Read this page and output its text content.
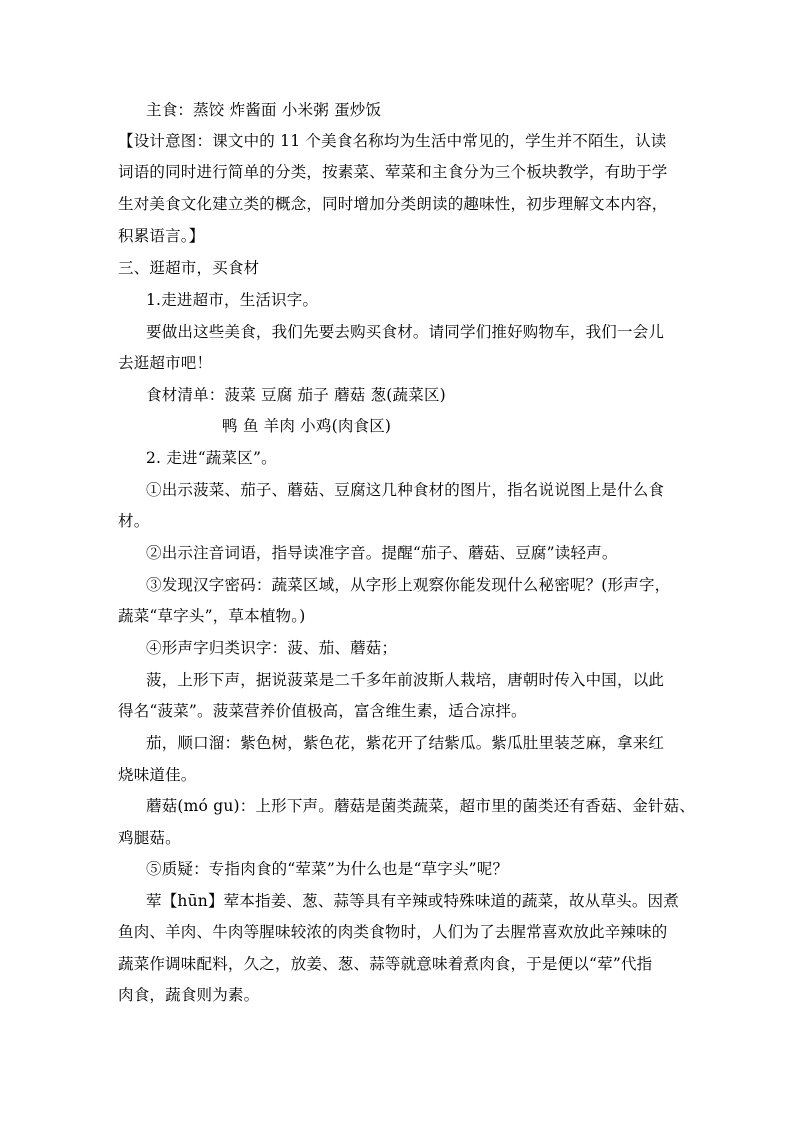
主食：蒸饺 炸酱面 小米粥 蛋炒饭
【设计意图：课文中的 11 个美食名称均为生活中常见的，学生并不陌生，认读
词语的同时进行简单的分类，按素菜、荤菜和主食分为三个板块教学，有助于学
生对美食文化建立类的概念，同时增加分类朗读的趣味性，初步理解文本内容，
积累语言。】
三、逛超市，买食材
1.走进超市，生活识字。
要做出这些美食，我们先要去购买食材。请同学们推好购物车，我们一会儿
去逛超市吧！
食材清单：菠菜 豆腐 茄子 蘑菇 葱(蔬菜区)
鸭 鱼 羊肉 小鸡(肉食区)
2. 走进“蔬菜区”。
①出示菠菜、茄子、蘑菇、豆腐这几种食材的图片，指名说说图上是什么食
材。
②出示注音词语，指导读准字音。提醒“茄子、蘑菇、豆腐”读轻声。
③发现汉字密码：蔬菜区域，从字形上观察你能发现什么秘密呢？(形声字，
蔬菜“草字头”，草本植物。)
④形声字归类识字：菠、茄、蘑菇；
菠，上形下声，据说菠菜是二千多年前波斯人栽培，唐朝时传入中国，以此
得名“菠菜”。菠菜营养价值极高，富含维生素，适合凉拌。
茄，顺口溜：紫色树，紫色花，紫花开了结紫瓜。紫瓜肚里装芝麻，拿来红
烧味道佳。
蘑菇(mó gu)：上形下声。蘑菇是菌类蔬菜，超市里的菌类还有香菇、金针菇、
鸡腿菇。
⑤质疑：专指肉食的“荤菜”为什么也是“草字头”呢？
荤【hūn】荤本指姜、葱、蒜等具有辛辣或特殊味道的蔬菜，故从草头。因煮
鱼肉、羊肉、牛肉等腥味较浓的肉类食物时，人们为了去腥常喜欢放此辛辣味的
蔬菜作调味配料，久之，放姜、葱、蒜等就意味着煮肉食，于是便以“荤”代指
肉食，蔬食则为素。
